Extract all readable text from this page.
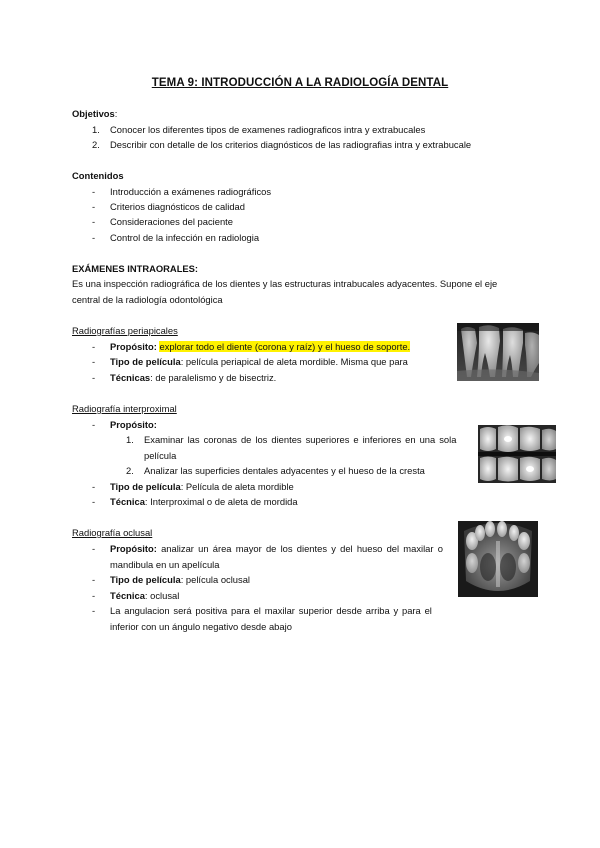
TEMA 9: INTRODUCCIÓN A LA RADIOLOGÍA DENTAL
Objetivos:
1. Conocer los diferentes tipos de examenes radiograficos intra y extrabucales
2. Describir con detalle de los criterios diagnósticos de las radiografias intra y extrabucale
Contenidos
- Introducción a exámenes radiográficos
- Criterios diagnósticos de calidad
- Consideraciones del paciente
- Control de la infección en radiologia
EXÁMENES INTRAORALES:
Es una inspección radiográfica de los dientes y las estructuras intrabucales adyacentes. Supone el eje
central de la radiología odontológica
Radiografías periapicales
- Propósito: explorar todo el diente (corona y raíz) y el hueso de soporte.
- Tipo de película: película periapical de aleta mordible. Misma que para
- Técnicas: de paralelismo y de bisectriz.
Radiografía interproximal
- Propósito:
1. Examinar las coronas de los dientes superiores e inferiores en una sola
película
2. Analizar las superficies dentales adyacentes y el hueso de la cresta
- Tipo de película: Película de aleta mordible
- Técnica: Interproximal o de aleta de mordida
Radiografía oclusal
- Propósito: analizar un área mayor de los dientes y del hueso del maxilar o
mandibula en un apelícula
- Tipo de película: película oclusal
- Técnica: oclusal
- La angulacion será positiva para el maxilar superior desde arriba y para el
inferior con un ángulo negativo desde abajo
